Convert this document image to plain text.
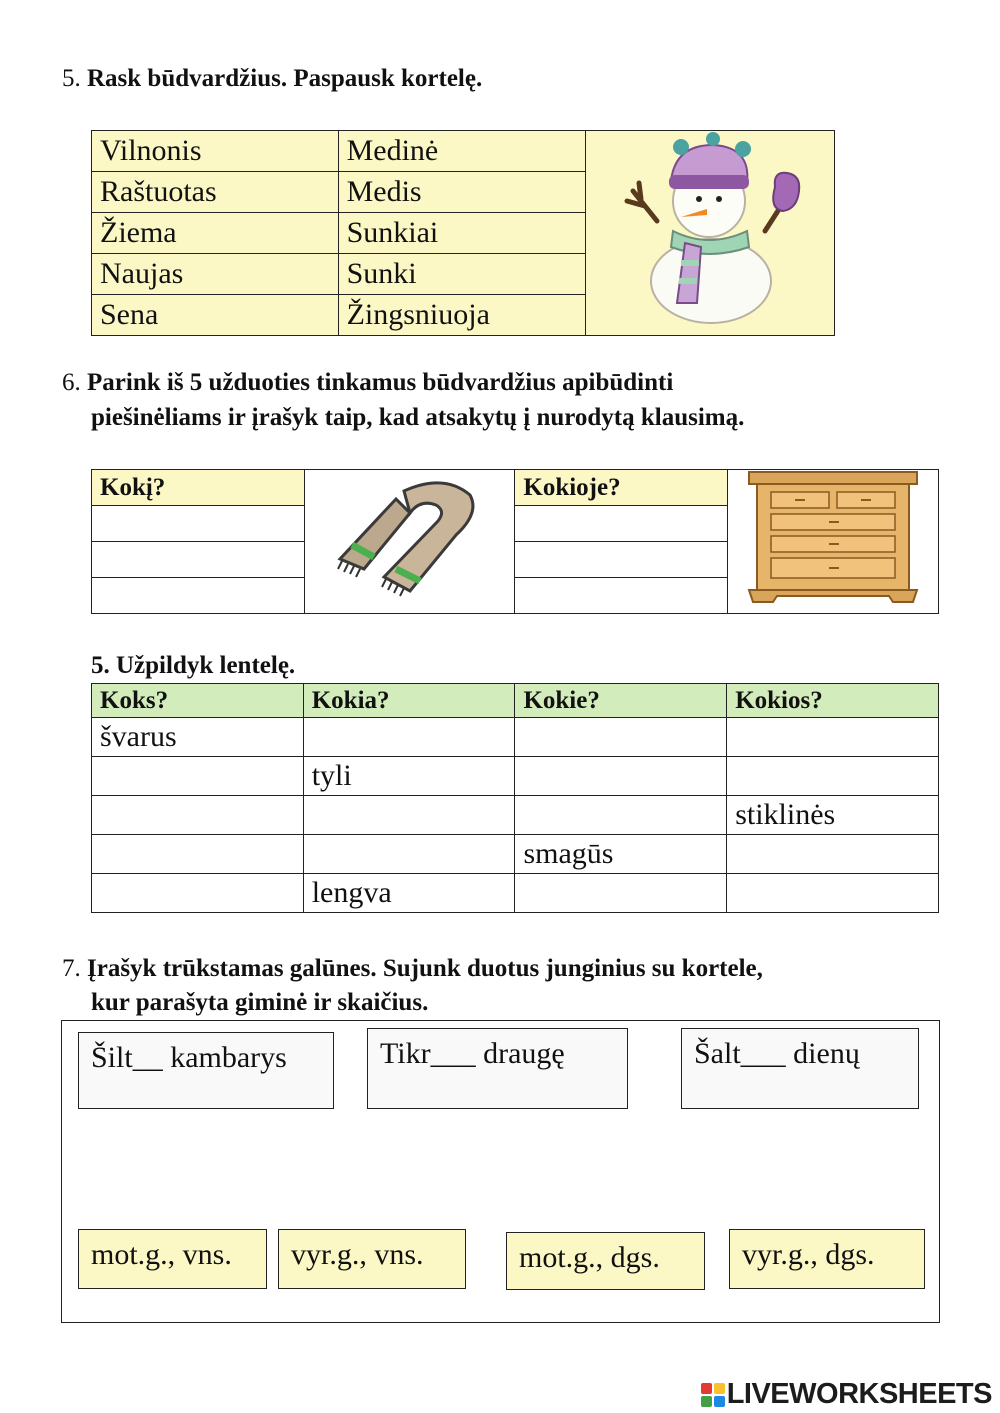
5. Rask būdvardžius. Paspausk kortelę.
Vilnonis	Medinė	
Raštuotas	Medis	
Žiema	Sunkiai	
Naujas	Sunki	
Sena	Žingsniuoja	
6. Parink iš 5 užduoties tinkamus būdvardžius apibūdinti
piešinėliams ir įrašyk taip, kad atsakytų į nurodytą klausimą.
Kokį?		Kokioje?	

5. Užpildyk lentelę.
Koks?	Kokia?	Kokie?	Kokios?
švarus			
	tyli		
			stiklinės
		smagūs	
	lengva		
7. Įrašyk trūkstamas galūnes. Sujunk duotus junginius su kortele,
kur parašyta giminė ir skaičius.
Šilt__ kambarys	Tikr___ draugę	Šalt___ dienų
mot.g., vns.	vyr.g., vns.	mot.g., dgs.	vyr.g., dgs.
LIVEWORKSHEETS
